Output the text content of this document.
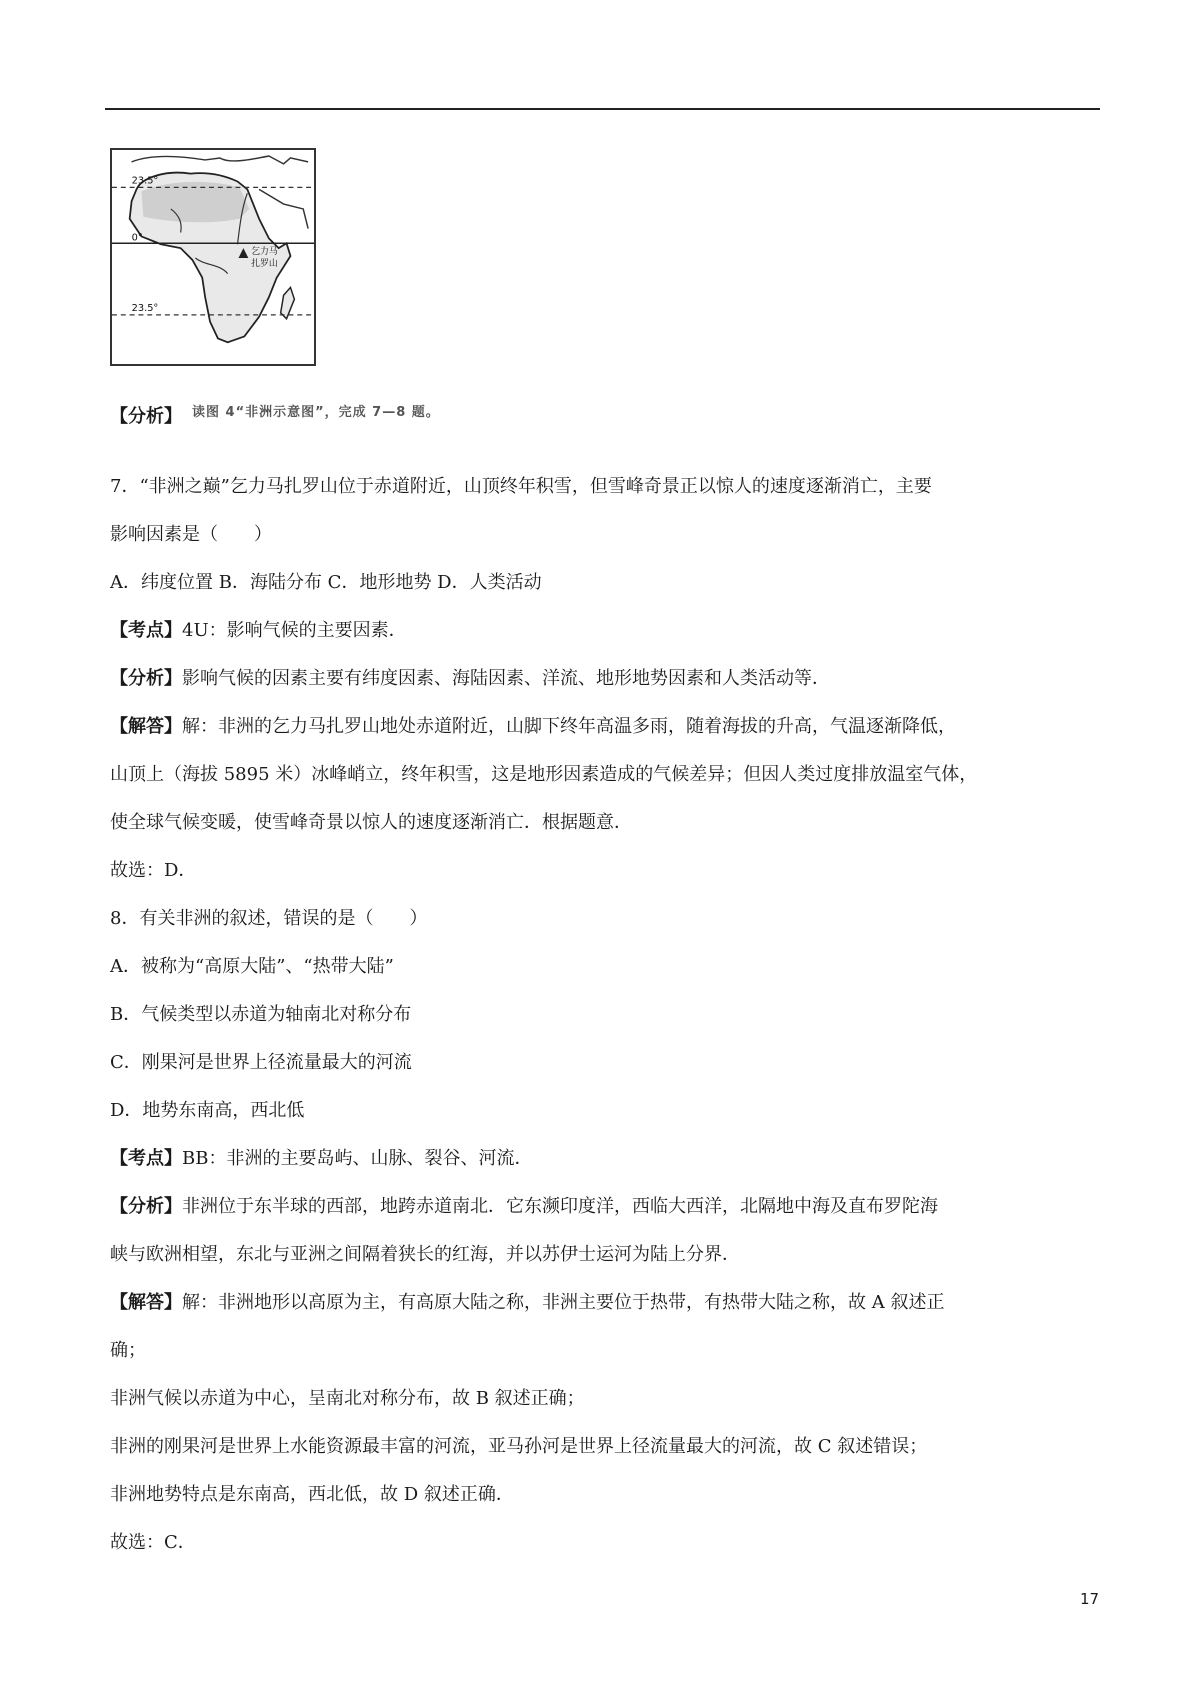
23.5°
0°
23.5°
乞力马
扎罗山
【分析】 读图 4“非洲示意图”，完成 7—8 题。

7．“非洲之巅”乞力马扎罗山位于赤道附近，山顶终年积雪，但雪峰奇景正以惊人的速度逐渐消亡，主要

影响因素是（　　）

A．纬度位置 B．海陆分布 C．地形地势 D．人类活动

【考点】4U：影响气候的主要因素．

【分析】影响气候的因素主要有纬度因素、海陆因素、洋流、地形地势因素和人类活动等．

【解答】解：非洲的乞力马扎罗山地处赤道附近，山脚下终年高温多雨，随着海拔的升高，气温逐渐降低，

山顶上（海拔 5895 米）冰峰峭立，终年积雪，这是地形因素造成的气候差异；但因人类过度排放温室气体，

使全球气候变暖，使雪峰奇景以惊人的速度逐渐消亡．根据题意．

故选：D．

8．有关非洲的叙述，错误的是（　　）

A．被称为“高原大陆”、“热带大陆”

B．气候类型以赤道为轴南北对称分布

C．刚果河是世界上径流量最大的河流

D．地势东南高，西北低

【考点】BB：非洲的主要岛屿、山脉、裂谷、河流．

【分析】非洲位于东半球的西部，地跨赤道南北．它东濒印度洋，西临大西洋，北隔地中海及直布罗陀海

峡与欧洲相望，东北与亚洲之间隔着狭长的红海，并以苏伊士运河为陆上分界．

【解答】解：非洲地形以高原为主，有高原大陆之称，非洲主要位于热带，有热带大陆之称，故 A 叙述正

确；

非洲气候以赤道为中心，呈南北对称分布，故 B 叙述正确；

非洲的刚果河是世界上水能资源最丰富的河流，亚马孙河是世界上径流量最大的河流，故 C 叙述错误；

非洲地势特点是东南高，西北低，故 D 叙述正确．

故选：C．

17
